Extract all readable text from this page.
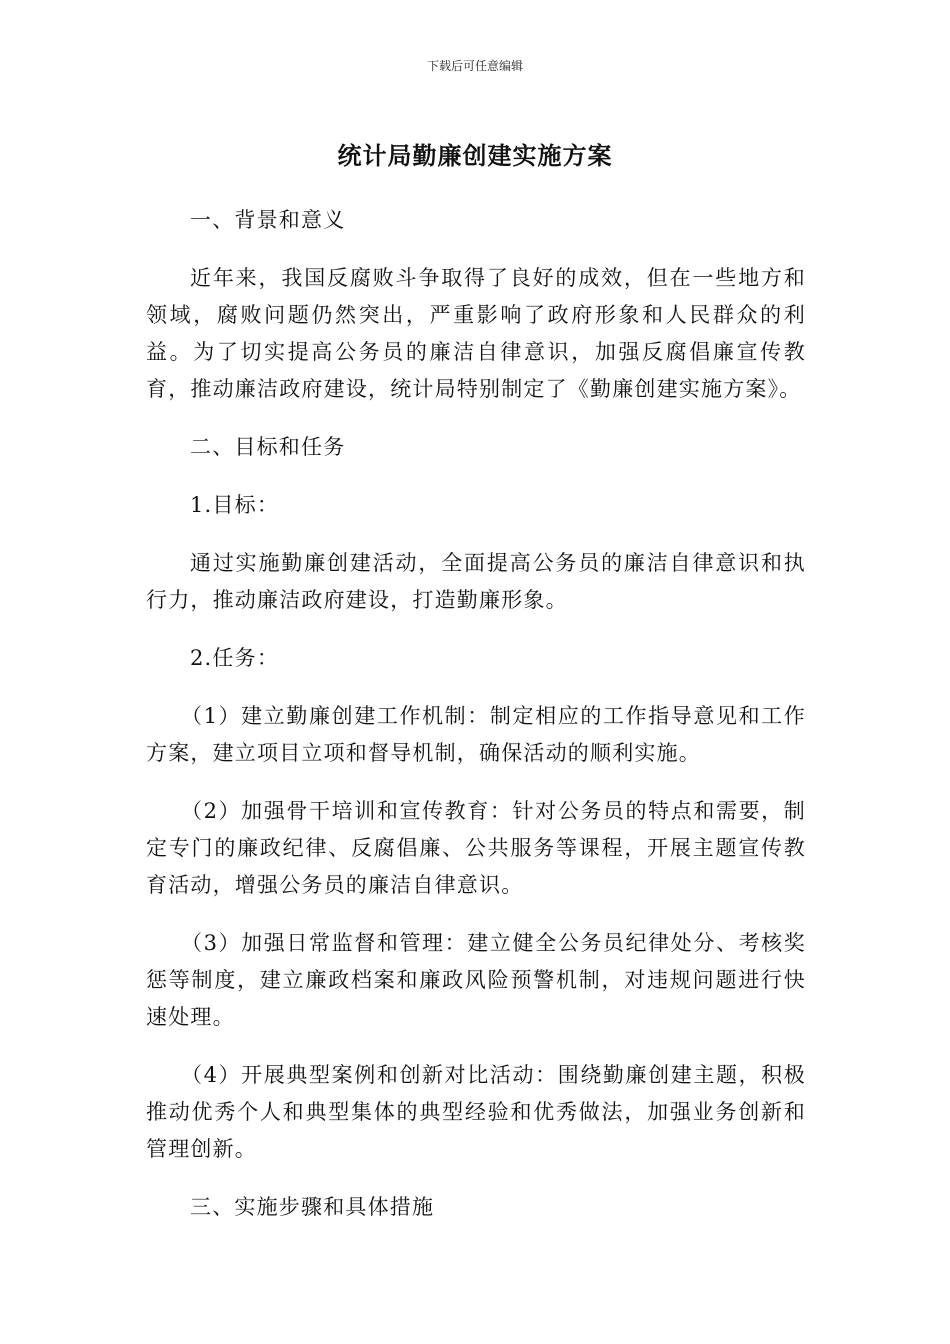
下载后可任意编辑
统计局勤廉创建实施方案

一、背景和意义

近年来，我国反腐败斗争取得了良好的成效，但在一些地方和领域，腐败问题仍然突出，严重影响了政府形象和人民群众的利益。为了切实提高公务员的廉洁自律意识，加强反腐倡廉宣传教育，推动廉洁政府建设，统计局特别制定了《勤廉创建实施方案》。

二、目标和任务

1.目标：

通过实施勤廉创建活动，全面提高公务员的廉洁自律意识和执行力，推动廉洁政府建设，打造勤廉形象。

2.任务：

（1）建立勤廉创建工作机制：制定相应的工作指导意见和工作方案，建立项目立项和督导机制，确保活动的顺利实施。

（2）加强骨干培训和宣传教育：针对公务员的特点和需要，制定专门的廉政纪律、反腐倡廉、公共服务等课程，开展主题宣传教育活动，增强公务员的廉洁自律意识。

（3）加强日常监督和管理：建立健全公务员纪律处分、考核奖惩等制度，建立廉政档案和廉政风险预警机制，对违规问题进行快速处理。

（4）开展典型案例和创新对比活动：围绕勤廉创建主题，积极推动优秀个人和典型集体的典型经验和优秀做法，加强业务创新和管理创新。

三、实施步骤和具体措施
